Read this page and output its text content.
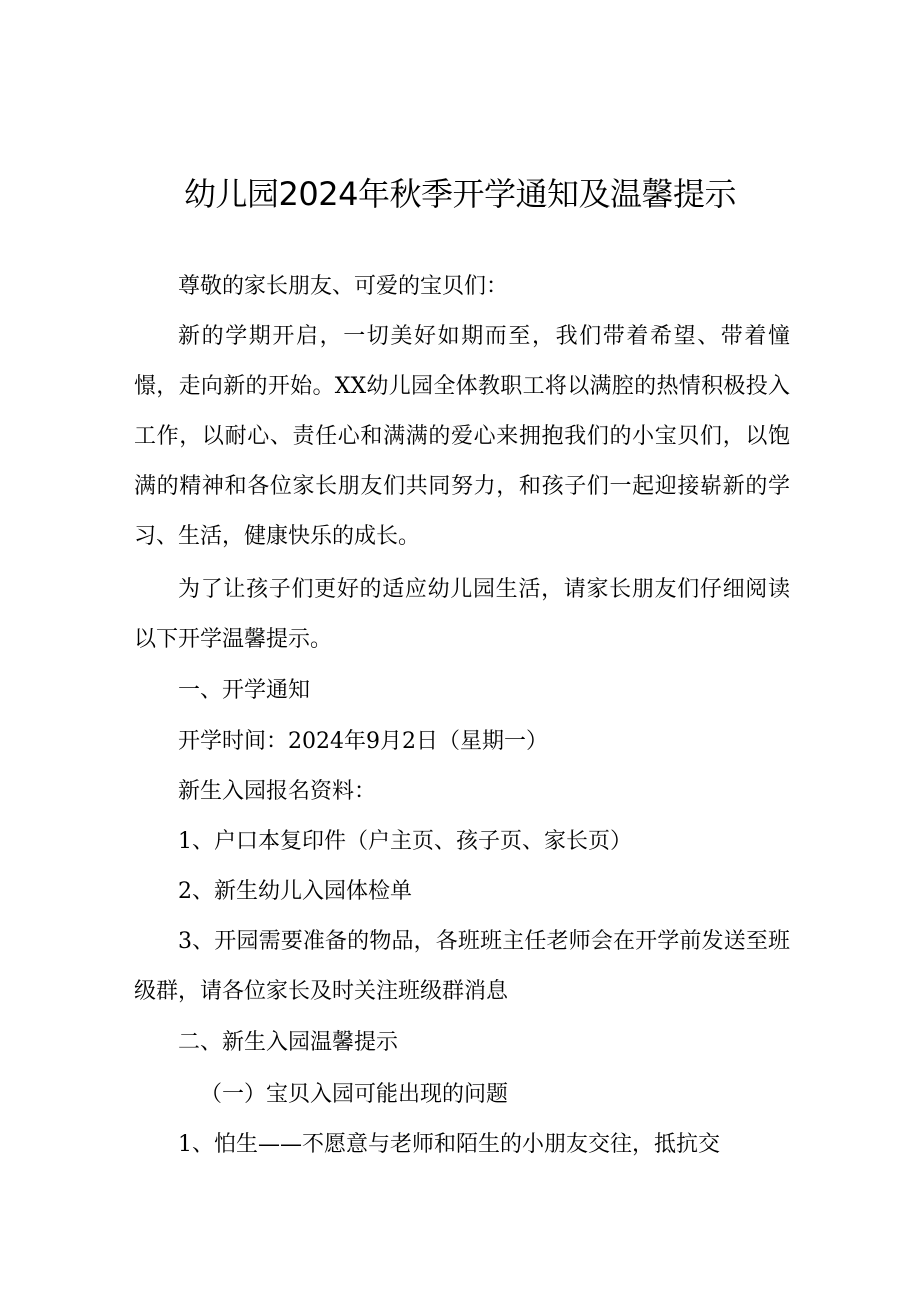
幼儿园2024年秋季开学通知及温馨提示

尊敬的家长朋友、可爱的宝贝们：

新的学期开启，一切美好如期而至，我们带着希望、带着憧憬，走向新的开始。XX幼儿园全体教职工将以满腔的热情积极投入工作，以耐心、责任心和满满的爱心来拥抱我们的小宝贝们，以饱满的精神和各位家长朋友们共同努力，和孩子们一起迎接崭新的学习、生活，健康快乐的成长。

为了让孩子们更好的适应幼儿园生活，请家长朋友们仔细阅读以下开学温馨提示。

一、开学通知

开学时间：2024年9月2日（星期一）

新生入园报名资料：

1、户口本复印件（户主页、孩子页、家长页）

2、新生幼儿入园体检单

3、开园需要准备的物品，各班班主任老师会在开学前发送至班级群，请各位家长及时关注班级群消息

二、新生入园温馨提示

（一）宝贝入园可能出现的问题

1、怕生——不愿意与老师和陌生的小朋友交往，抵抗交
